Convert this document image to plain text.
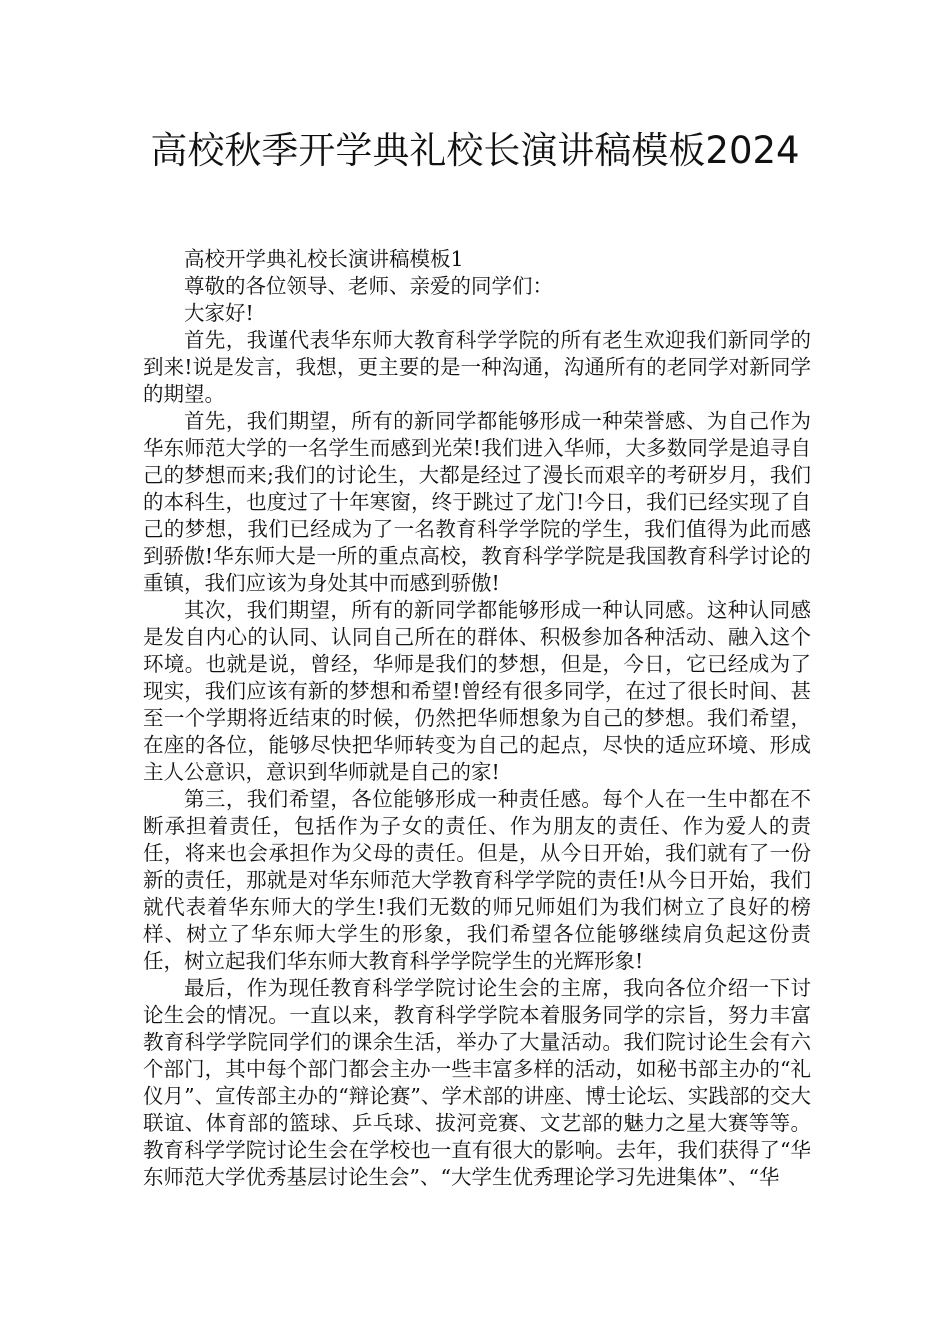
高校秋季开学典礼校长演讲稿模板2024

高校开学典礼校长演讲稿模板1

尊敬的各位领导、老师、亲爱的同学们：

大家好!

首先，我谨代表华东师大教育科学学院的所有老生欢迎我们新同学的到来!说是发言，我想，更主要的是一种沟通，沟通所有的老同学对新同学的期望。

首先，我们期望，所有的新同学都能够形成一种荣誉感、为自己作为华东师范大学的一名学生而感到光荣!我们进入华师，大多数同学是追寻自己的梦想而来;我们的讨论生，大都是经过了漫长而艰辛的考研岁月，我们的本科生，也度过了十年寒窗，终于跳过了龙门!今日，我们已经实现了自己的梦想，我们已经成为了一名教育科学学院的学生，我们值得为此而感到骄傲!华东师大是一所的重点高校，教育科学学院是我国教育科学讨论的重镇，我们应该为身处其中而感到骄傲!

其次，我们期望，所有的新同学都能够形成一种认同感。这种认同感是发自内心的认同、认同自己所在的群体、积极参加各种活动、融入这个环境。也就是说，曾经，华师是我们的梦想，但是，今日，它已经成为了现实，我们应该有新的梦想和希望!曾经有很多同学，在过了很长时间、甚至一个学期将近结束的时候，仍然把华师想象为自己的梦想。我们希望，在座的各位，能够尽快把华师转变为自己的起点，尽快的适应环境、形成主人公意识，意识到华师就是自己的家!

第三，我们希望，各位能够形成一种责任感。每个人在一生中都在不断承担着责任，包括作为子女的责任、作为朋友的责任、作为爱人的责任，将来也会承担作为父母的责任。但是，从今日开始，我们就有了一份新的责任，那就是对华东师范大学教育科学学院的责任!从今日开始，我们就代表着华东师大的学生!我们无数的师兄师姐们为我们树立了良好的榜样、树立了华东师大学生的形象，我们希望各位能够继续肩负起这份责任，树立起我们华东师大教育科学学院学生的光辉形象!

最后，作为现任教育科学学院讨论生会的主席，我向各位介绍一下讨论生会的情况。一直以来，教育科学学院本着服务同学的宗旨，努力丰富教育科学学院同学们的课余生活，举办了大量活动。我们院讨论生会有六个部门，其中每个部门都会主办一些丰富多样的活动，如秘书部主办的“礼仪月”、宣传部主办的“辩论赛”、学术部的讲座、博士论坛、实践部的交大联谊、体育部的篮球、乒乓球、拔河竞赛、文艺部的魅力之星大赛等等。教育科学学院讨论生会在学校也一直有很大的影响。去年，我们获得了“华东师范大学优秀基层讨论生会”、“大学生优秀理论学习先进集体”、“华
